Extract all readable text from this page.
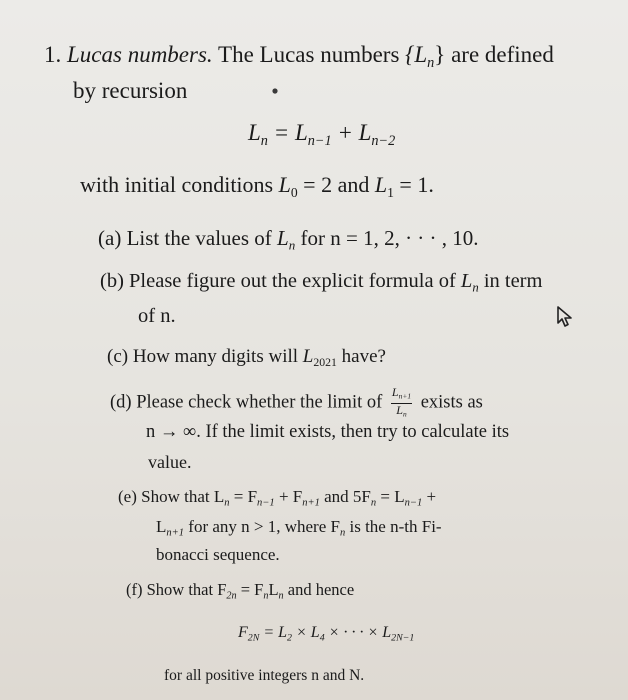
1. Lucas numbers. The Lucas numbers $\{L_n\}$ are defined
by recursion
$L_n = L_{n-1} + L_{n-2}$
with initial conditions $L_0 = 2$ and $L_1 = 1$.
(a) List the values of $L_n$ for n = 1, 2, · · · , 10.
(b) Please figure out the explicit formula of $L_n$ in term
of n.
(c) How many digits will $L_{2021}$ have?
(d) Please check whether the limit of $\frac{L_{n+1}}{L_n}$ exists as
n → ∞. If the limit exists, then try to calculate its
value.
(e) Show that $L_n = F_{n-1} + F_{n+1}$ and $5F_n = L_{n-1}$ +
$L_{n+1}$ for any n > 1, where $F_n$ is the n-th Fi-
bonacci sequence.
(f) Show that $F_{2n} = F_nL_n$ and hence
$F_{2N} = L_2 \times L_4$ × · · · × $L_{2N-1}$
for all positive integers n and N.
